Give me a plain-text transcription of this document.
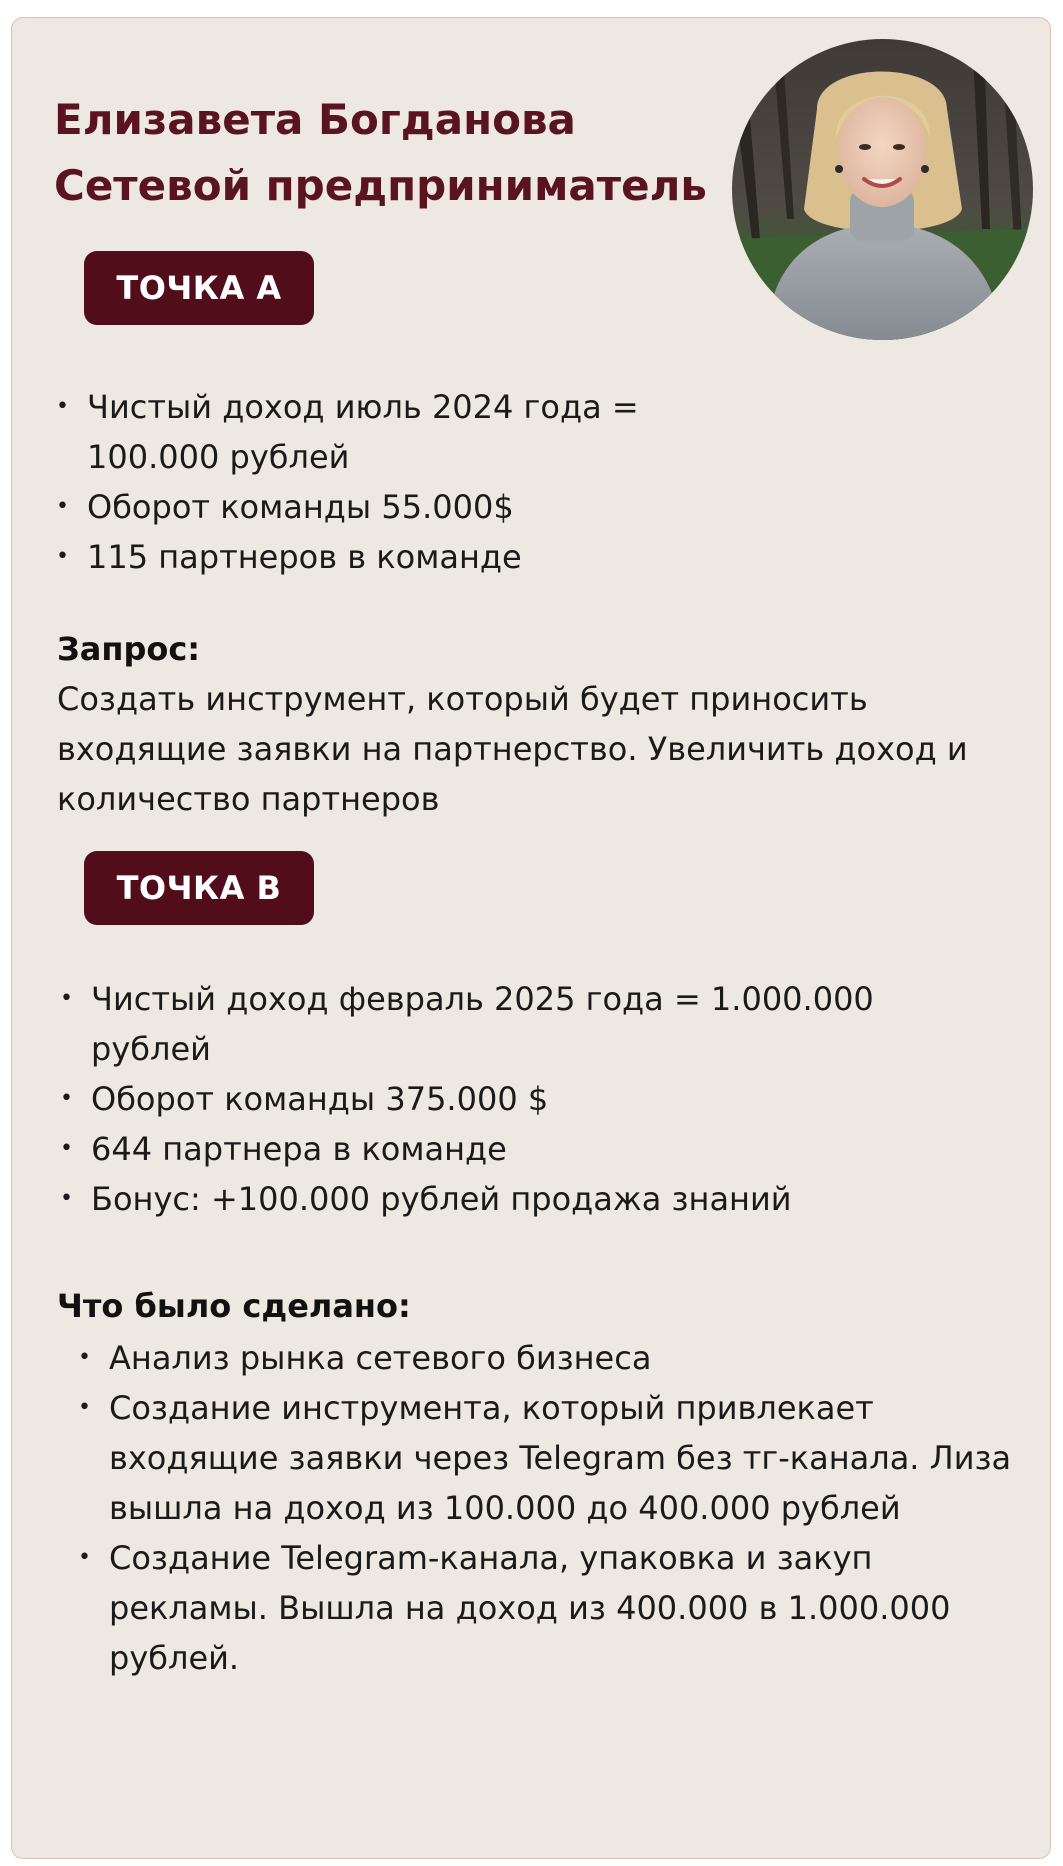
Елизавета Богданова
Сетевой предприниматель
ТОЧКА А
• Чистый доход июль 2024 года = 100.000 рублей
• Оборот команды 55.000$
• 115 партнеров в команде

Запрос:

Создать инструмент, который будет приносить входящие заявки на партнерство. Увеличить доход и количество партнеров

ТОЧКА B
• Чистый доход февраль 2025 года = 1.000.000 рублей
• Оборот команды 375.000 $
• 644 партнера в команде
• Бонус: +100.000 рублей продажа знаний

Что было сделано:

• Анализ рынка сетевого бизнеса
• Создание инструмента, который привлекает входящие заявки через Telegram без тг-канала. Лиза вышла на доход из 100.000 до 400.000 рублей
• Создание Telegram-канала, упаковка и закуп рекламы. Вышла на доход из 400.000 в 1.000.000 рублей.
